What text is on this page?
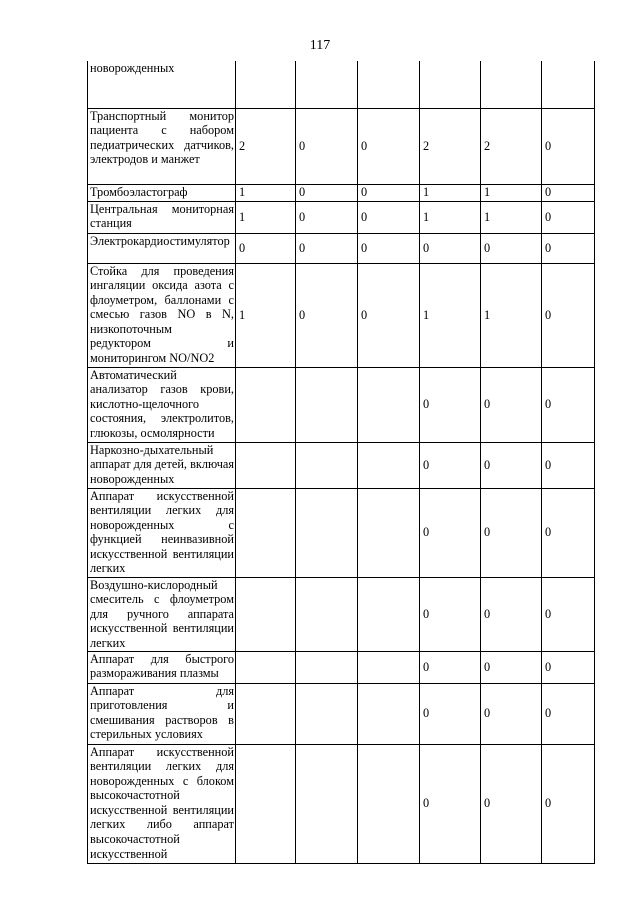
117
новорожденных						
Транспортный монитор пациента с набором педиатрических датчиков, электродов и манжет	2	0	0	2	2	0
Тромбоэластограф	1	0	0	1	1	0
Центральная мониторная станция	1	0	0	1	1	0
Электрокардиостимулятор	0	0	0	0	0	0
Стойка для проведения ингаляции оксида азота с флоуметром, баллонами с смесью газов NO в N, низкопоточным редуктором и мониторингом NO/NO2	1	0	0	1	1	0
Автоматический анализатор газов крови, кислотно-щелочного состояния, электролитов, глюкозы, осмолярности				0	0	0
Наркозно-дыхательный аппарат для детей, включая новорожденных				0	0	0
Аппарат искусственной вентиляции легких для новорожденных с функцией неинвазивной искусственной вентиляции легких				0	0	0
Воздушно-кислородный смеситель с флоуметром для ручного аппарата искусственной вентиляции легких				0	0	0
Аппарат для быстрого размораживания плазмы				0	0	0
Аппарат для приготовления и смешивания растворов в стерильных условиях				0	0	0
Аппарат искусственной вентиляции легких для новорожденных с блоком высокочастотной искусственной вентиляции легких либо аппарат высокочастотной искусственной				0	0	0
